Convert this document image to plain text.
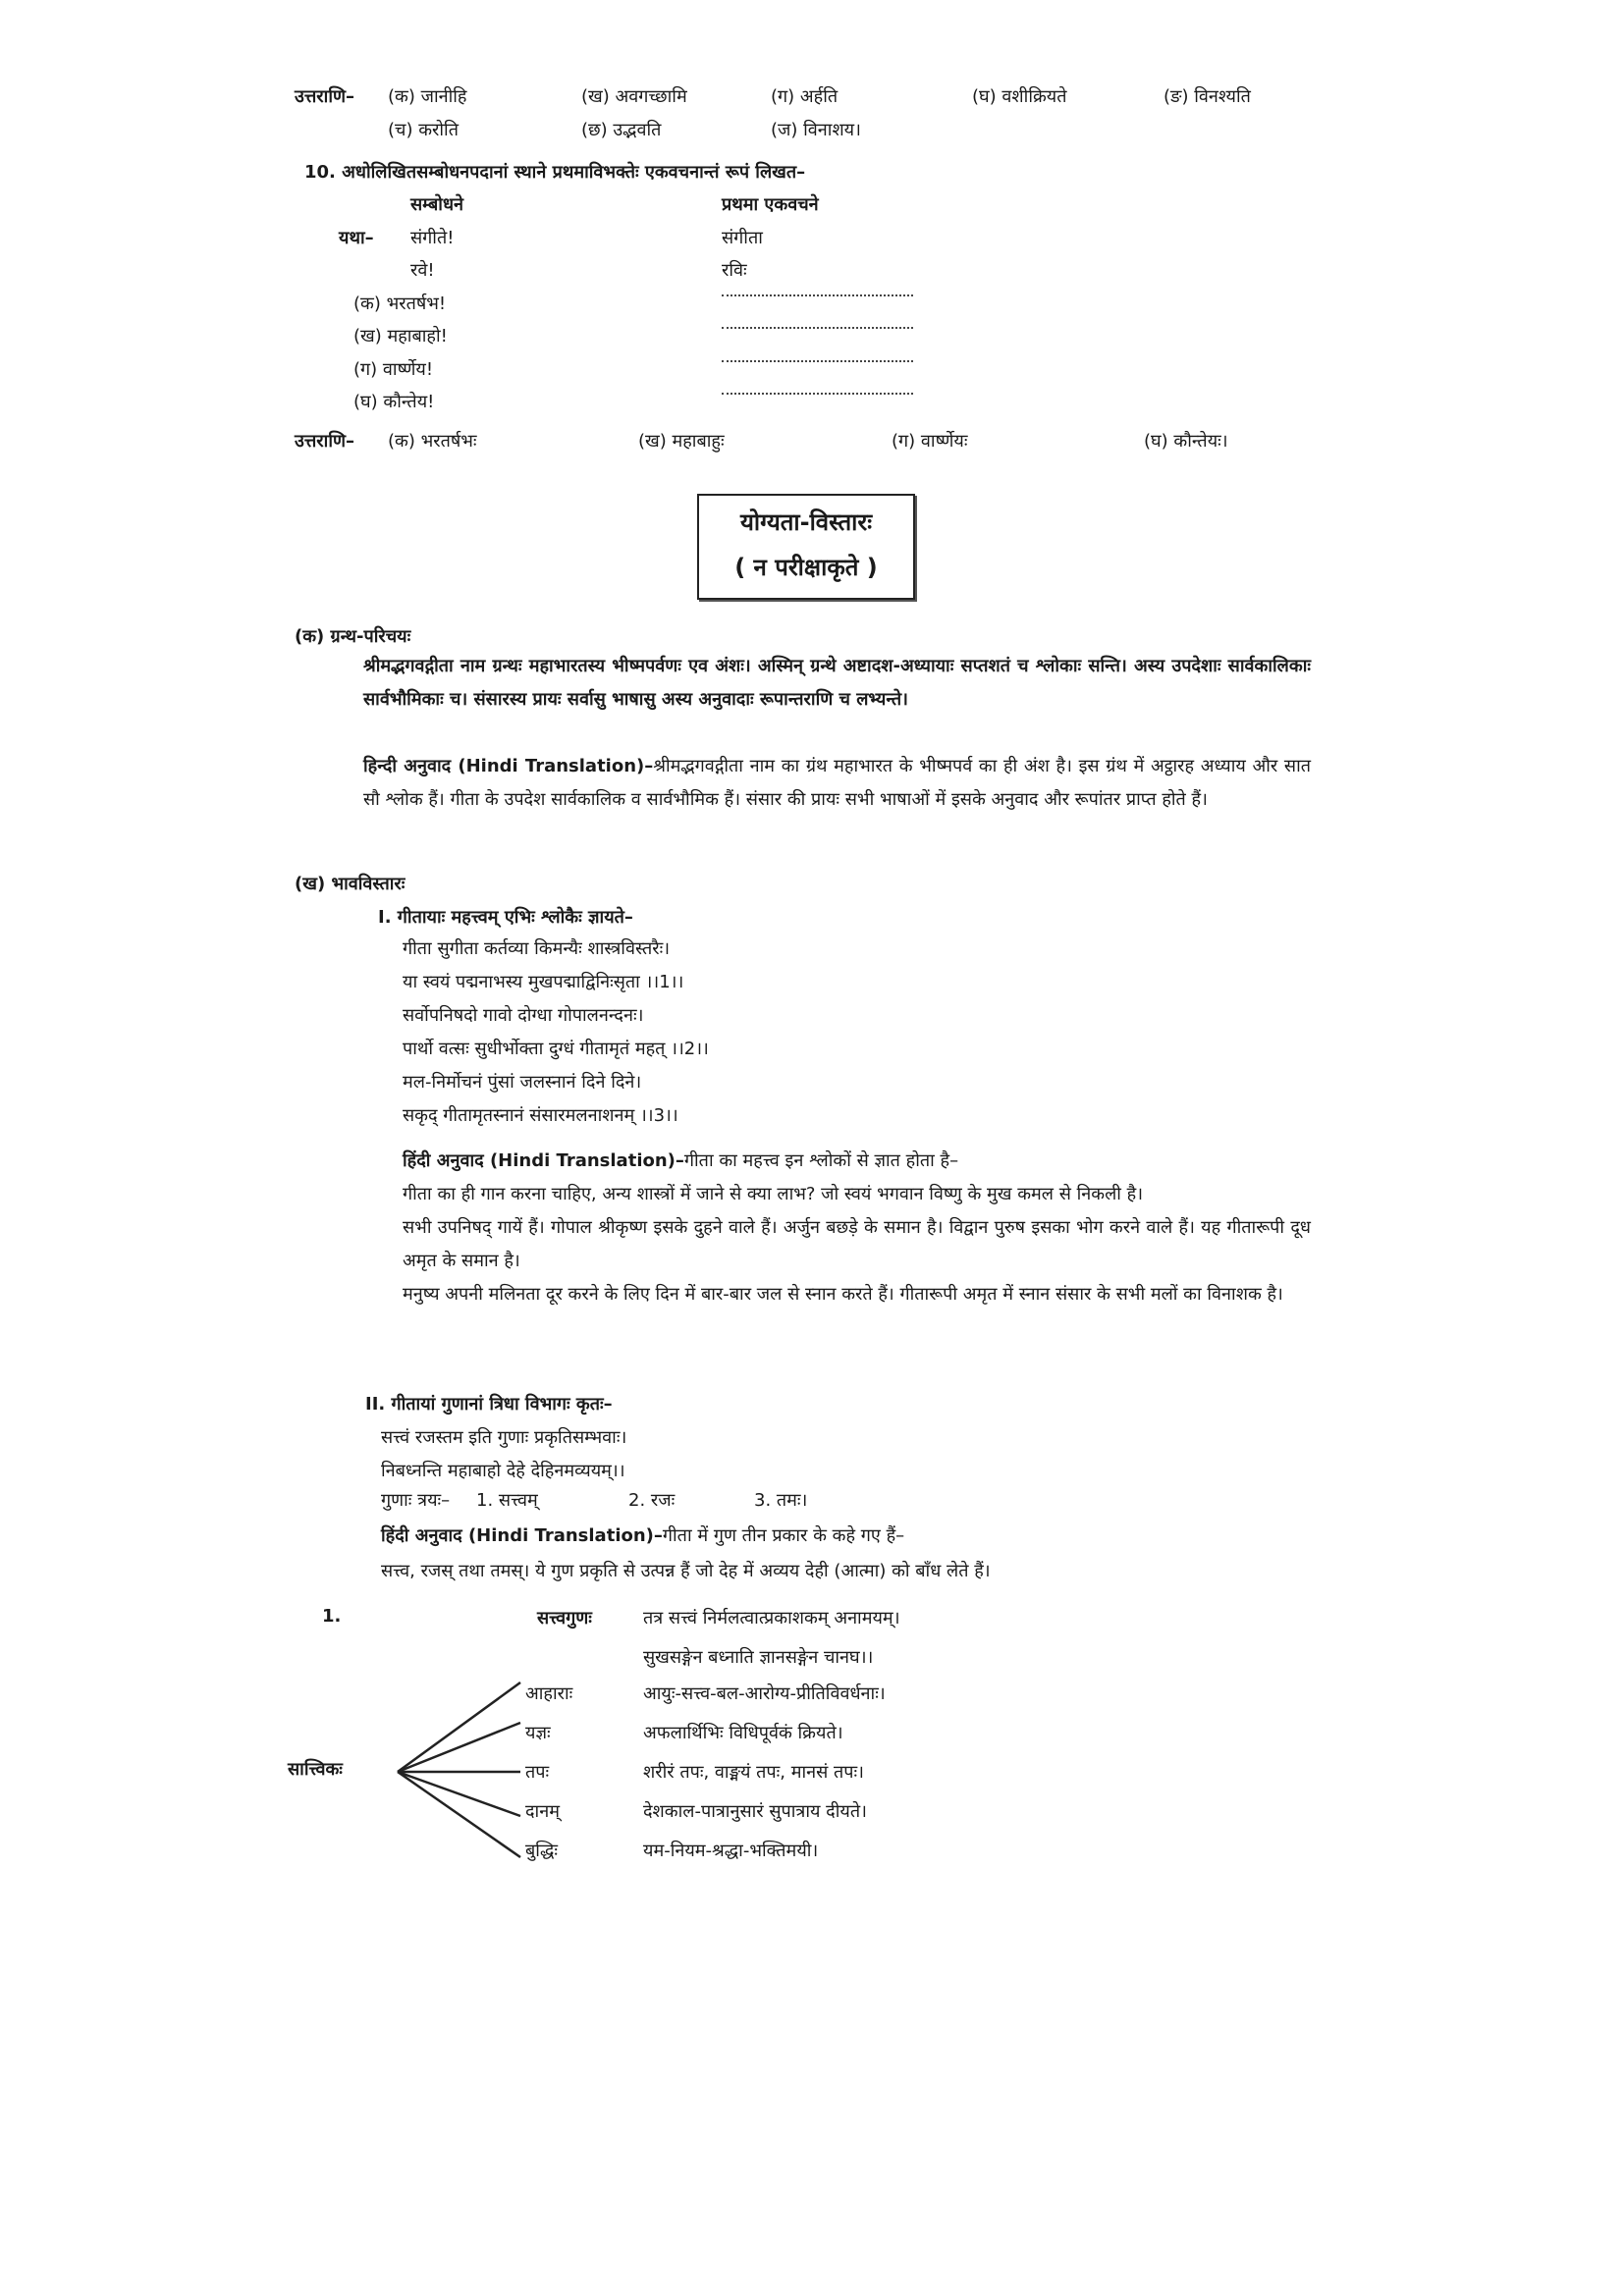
उत्तराणि– (क) जानीहि	(ख) अवगच्छामि	(ग) अर्हति	(घ) वशीक्रियते	(ङ) विनश्यति
(च) करोति	(छ) उद्भवति	(ज) विनाशय।
10. अधोलिखितसम्बोधनपदानां स्थाने प्रथमाविभक्तेः एकवचनान्तं रूपं लिखत–
सम्बोधने	प्रथमा एकवचने
यथा– संगीते!	संगीता
रवे!	रविः
(क) भरतर्षभ!
(ख) महाबाहो!
(ग) वार्ष्णेय!
(घ) कौन्तेय!
उत्तराणि– (क) भरतर्षभः	(ख) महाबाहुः	(ग) वार्ष्णेयः	(घ) कौन्तेयः।
योग्यता-विस्तारः
( न परीक्षाकृते )
(क) ग्रन्थ-परिचयः
श्रीमद्भगवद्गीता नाम ग्रन्थः महाभारतस्य भीष्मपर्वणः एव अंशः। अस्मिन् ग्रन्थे अष्टादश-अध्यायाः सप्तशतं च श्लोकाः सन्ति। अस्य उपदेशाः सार्वकालिकाः सार्वभौमिकाः च। संसारस्य प्रायः सर्वासु भाषासु अस्य अनुवादाः रूपान्तराणि च लभ्यन्ते।
हिन्दी अनुवाद (Hindi Translation)–श्रीमद्भगवद्गीता नाम का ग्रंथ महाभारत के भीष्मपर्व का ही अंश है। इस ग्रंथ में अट्ठारह अध्याय और सात सौ श्लोक हैं। गीता के उपदेश सार्वकालिक व सार्वभौमिक हैं। संसार की प्रायः सभी भाषाओं में इसके अनुवाद और रूपांतर प्राप्त होते हैं।
(ख) भावविस्तारः
I. गीतायाः महत्त्वम् एभिः श्लोकैः ज्ञायते–
गीता सुगीता कर्तव्या किमन्यैः शास्त्रविस्तरैः।
या स्वयं पद्मनाभस्य मुखपद्माद्विनिःसृता ।।1।।
सर्वोपनिषदो गावो दोग्धा गोपालनन्दनः।
पार्थो वत्सः सुधीर्भोक्ता दुग्धं गीतामृतं महत् ।।2।।
मल-निर्मोचनं पुंसां जलस्नानं दिने दिने।
सकृद् गीतामृतस्नानं संसारमलनाशनम् ।।3।।
हिंदी अनुवाद (Hindi Translation)–गीता का महत्त्व इन श्लोकों से ज्ञात होता है–
गीता का ही गान करना चाहिए, अन्य शास्त्रों में जाने से क्या लाभ? जो स्वयं भगवान विष्णु के मुख कमल से निकली है।
सभी उपनिषद् गायें हैं। गोपाल श्रीकृष्ण इसके दुहने वाले हैं। अर्जुन बछड़े के समान है। विद्वान पुरुष इसका भोग करने वाले हैं। यह गीतारूपी दूध अमृत के समान है।
मनुष्य अपनी मलिनता दूर करने के लिए दिन में बार-बार जल से स्नान करते हैं। गीतारूपी अमृत में स्नान संसार के सभी मलों का विनाशक है।
II. गीतायां गुणानां त्रिधा विभागः कृतः–
सत्त्वं रजस्तम इति गुणाः प्रकृतिसम्भवाः।
निबध्नन्ति महाबाहो देहे देहिनमव्ययम्।।
गुणाः त्रयः– 1. सत्त्वम्	2. रजः	3. तमः।
हिंदी अनुवाद (Hindi Translation)–गीता में गुण तीन प्रकार के कहे गए हैं–
सत्त्व, रजस् तथा तमस्। ये गुण प्रकृति से उत्पन्न हैं जो देह में अव्यय देही (आत्मा) को बाँध लेते हैं।
1.	सत्त्वगुणः	तत्र सत्त्वं निर्मलत्वात्प्रकाशकम् अनामयम्।
सुखसङ्गेन बध्नाति ज्ञानसङ्गेन चानघ।।
सात्त्विकः
आहाराः	आयुः-सत्त्व-बल-आरोग्य-प्रीतिविवर्धनाः।
यज्ञः	अफलार्थिभिः विधिपूर्वकं क्रियते।
तपः	शरीरं तपः, वाङ्मयं तपः, मानसं तपः।
दानम्	देशकाल-पात्रानुसारं सुपात्राय दीयते।
बुद्धिः	यम-नियम-श्रद्धा-भक्तिमयी।
